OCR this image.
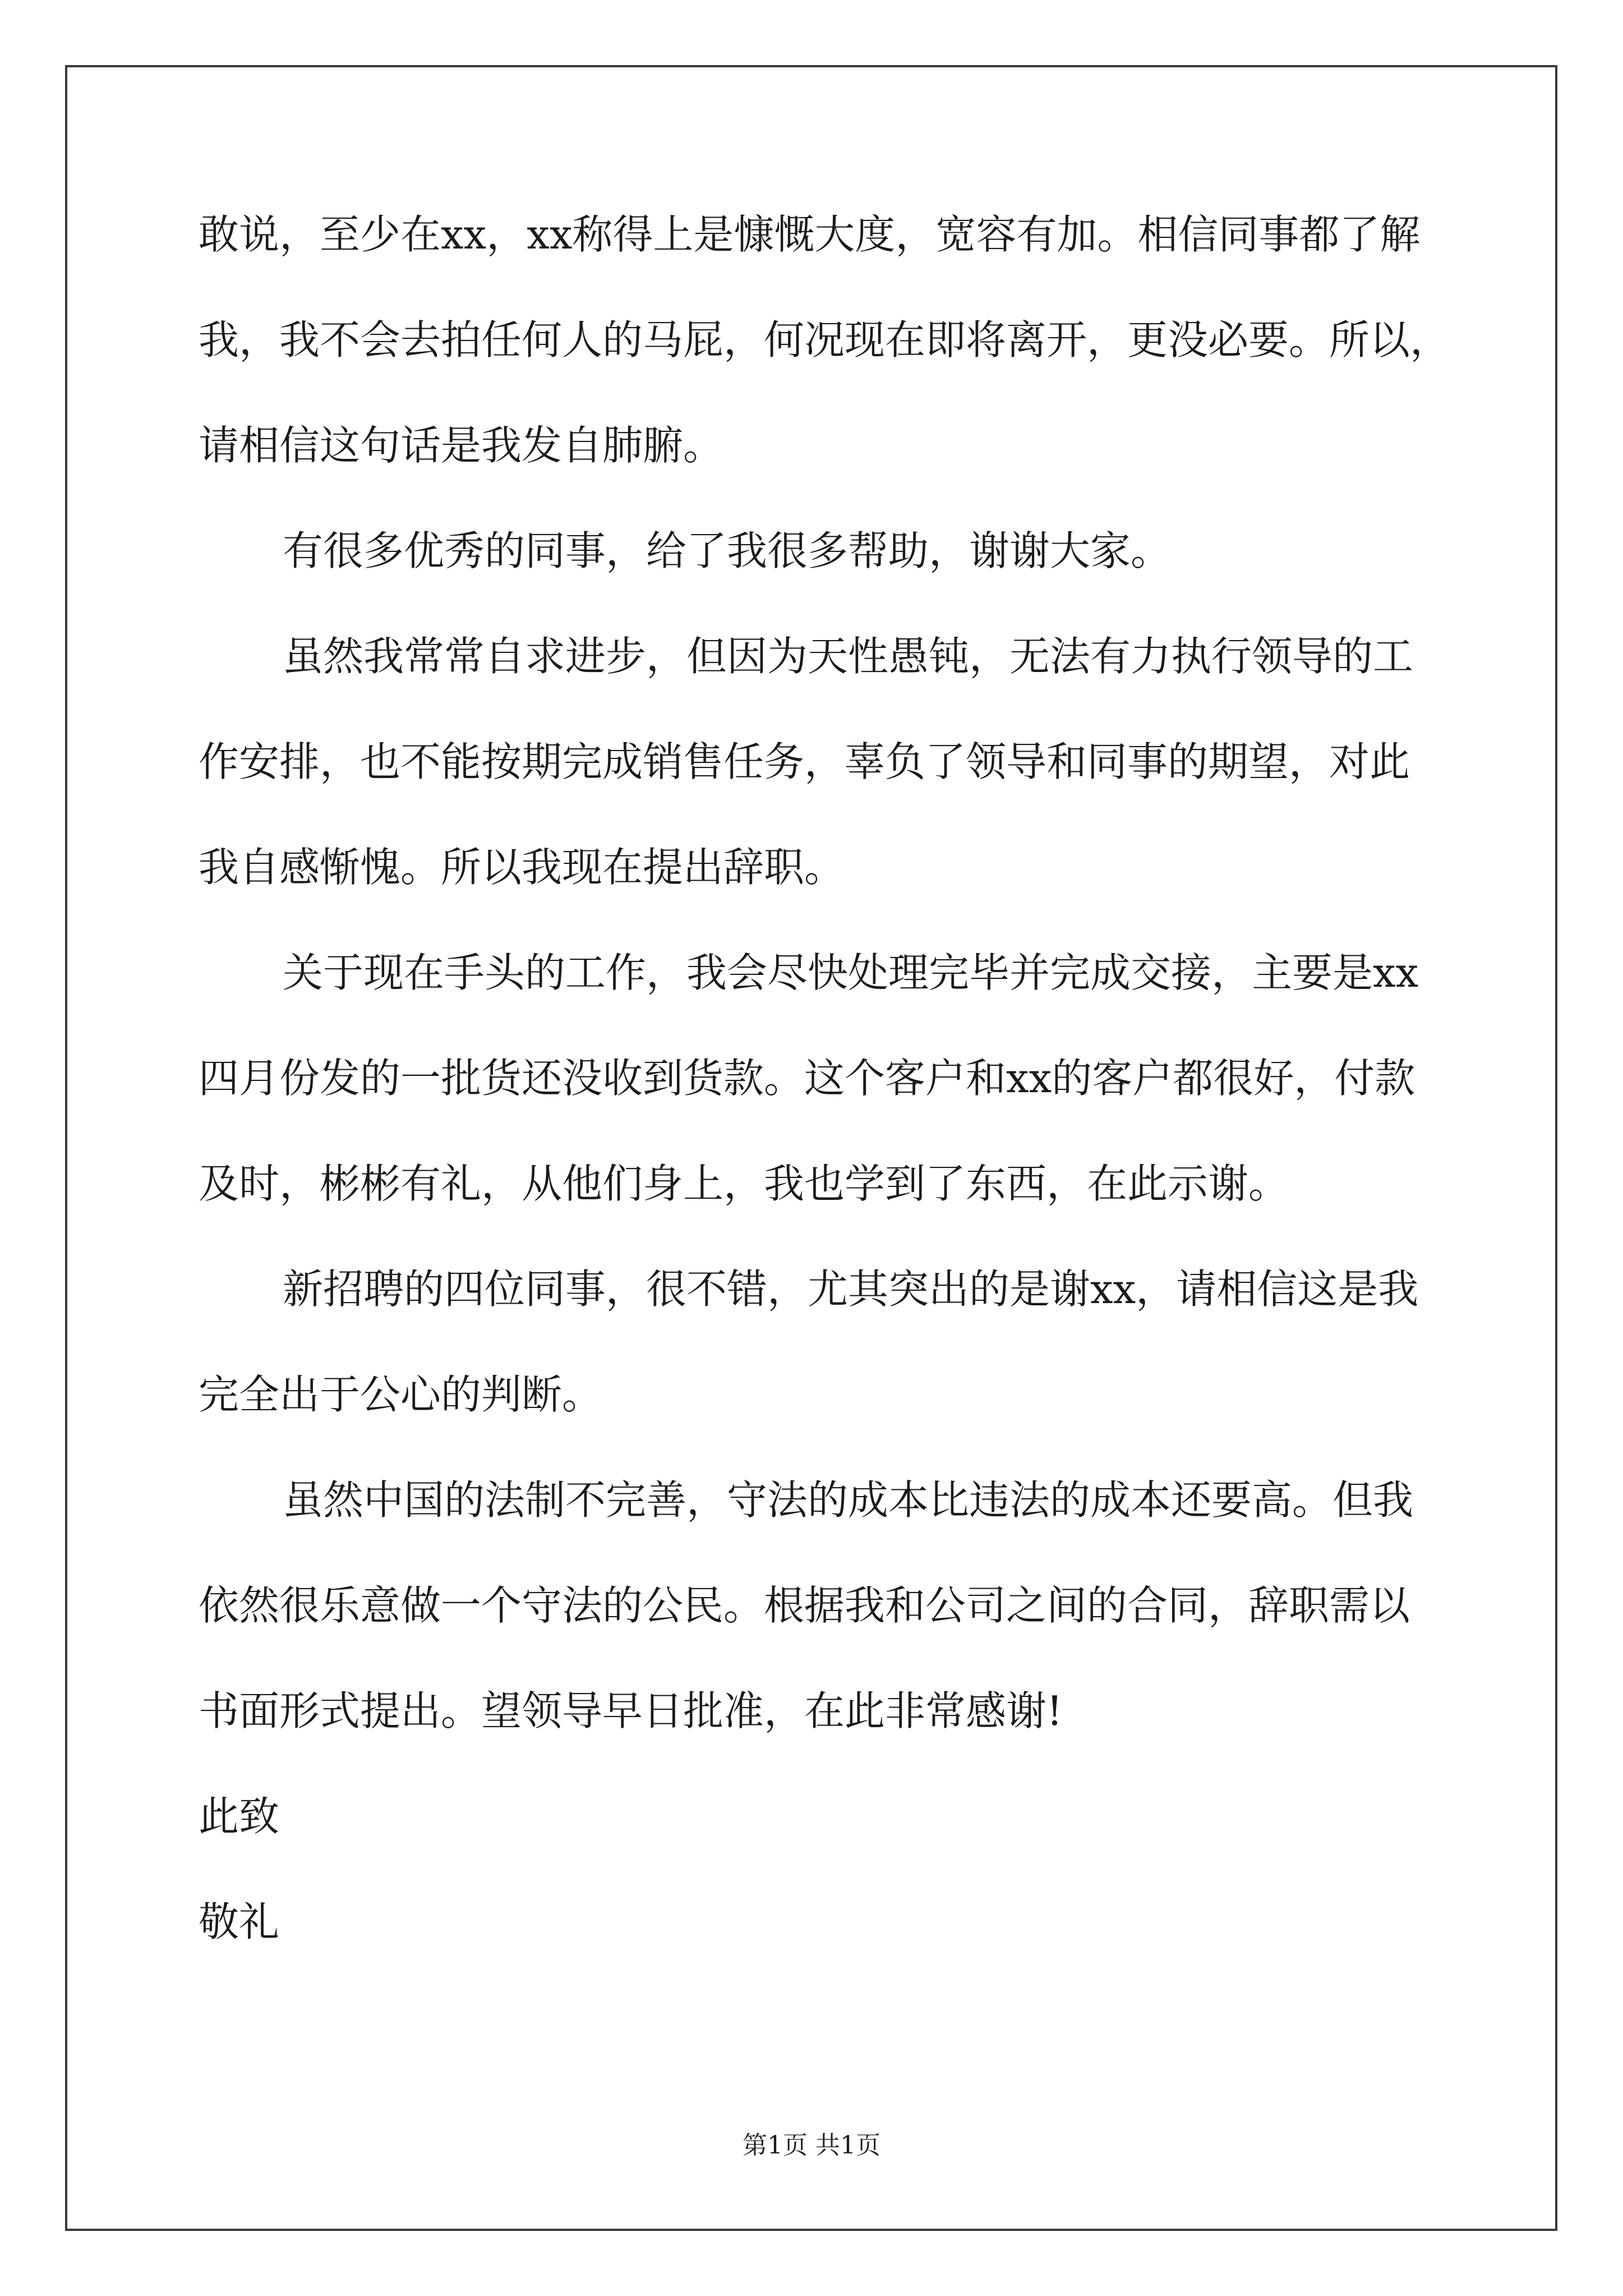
敢说，至少在xx，xx称得上是慷慨大度，宽容有加。相信同事都了解
我，我不会去拍任何人的马屁，何况现在即将离开，更没必要。所以，
请相信这句话是我发自肺腑。
有很多优秀的同事，给了我很多帮助，谢谢大家。
虽然我常常自求进步，但因为天性愚钝，无法有力执行领导的工
作安排，也不能按期完成销售任务，辜负了领导和同事的期望，对此
我自感惭愧。所以我现在提出辞职。
关于现在手头的工作，我会尽快处理完毕并完成交接，主要是xx
四月份发的一批货还没收到货款。这个客户和xx的客户都很好，付款
及时，彬彬有礼，从他们身上，我也学到了东西，在此示谢。
新招聘的四位同事，很不错，尤其突出的是谢xx，请相信这是我
完全出于公心的判断。
虽然中国的法制不完善，守法的成本比违法的成本还要高。但我
依然很乐意做一个守法的公民。根据我和公司之间的合同，辞职需以
书面形式提出。望领导早日批准，在此非常感谢!
此致
敬礼
第1页 共1页
